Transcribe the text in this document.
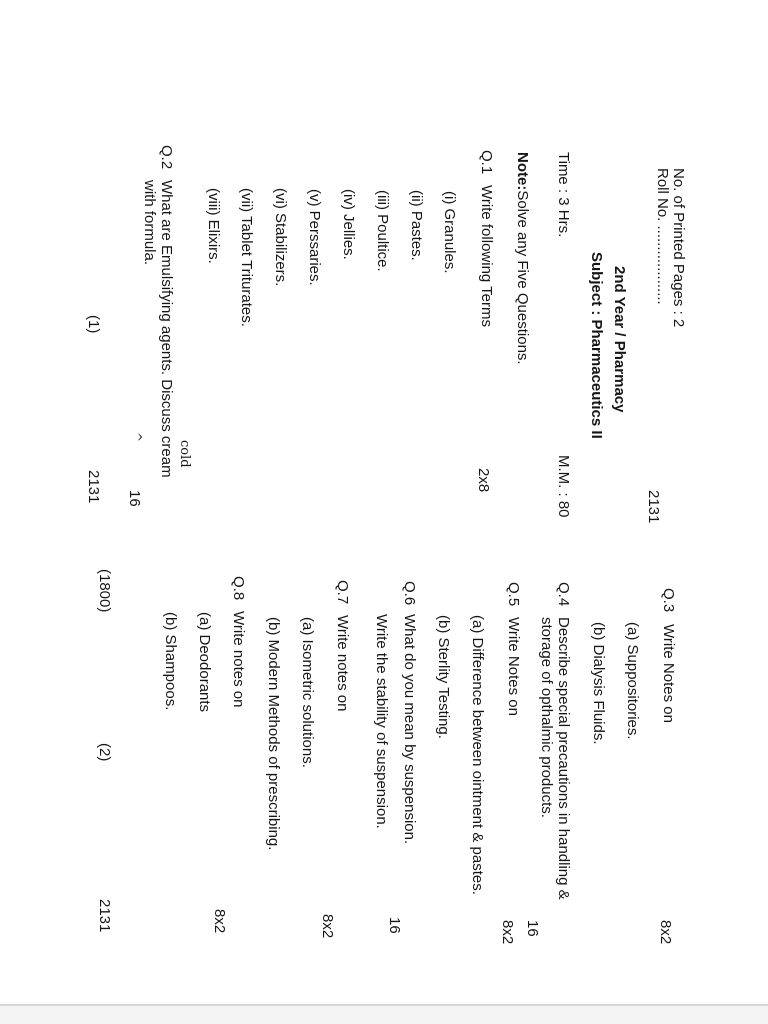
No. of Printed Pages : 2
Roll No. ...................
2131
2nd Year / Pharmacy
Subject : Pharmaceutics II
Time : 3 Hrs.
M.M. : 80
Note:Solve any Five Questions.
Q.1
Write following Terms
2x8
(i) Granules.
(ii) Pastes.
(iii) Poultice.
(iv) Jellies.
(v) Perssaries.
(vi) Stabilizers.
(vii) Tablet Triturates.
(viii) Elixirs.
Q.2
What are Emulsifying agents. Discuss cream
with formula.
cold
^
16
(1)
2131
Q.3
Write Notes on
8x2
(a) Suppositories.
(b) Dialysis Fluids.
Q.4
Describe special precautions in handling &
storage of opthalmic products.
16
Q.5
Write Notes on
8x2
(a) Difference between ointment & pastes.
(b) Sterlity Testing.
Q.6
What do you mean by suspension.
Write the stability of suspension.
16
Q.7
Write notes on
8x2
(a) Isometric solutions.
(b) Modern Methods of prescribing.
Q.8
Write notes on
8x2
(a) Deodorants
(b) Shampoos.
(1800)
(2)
2131
